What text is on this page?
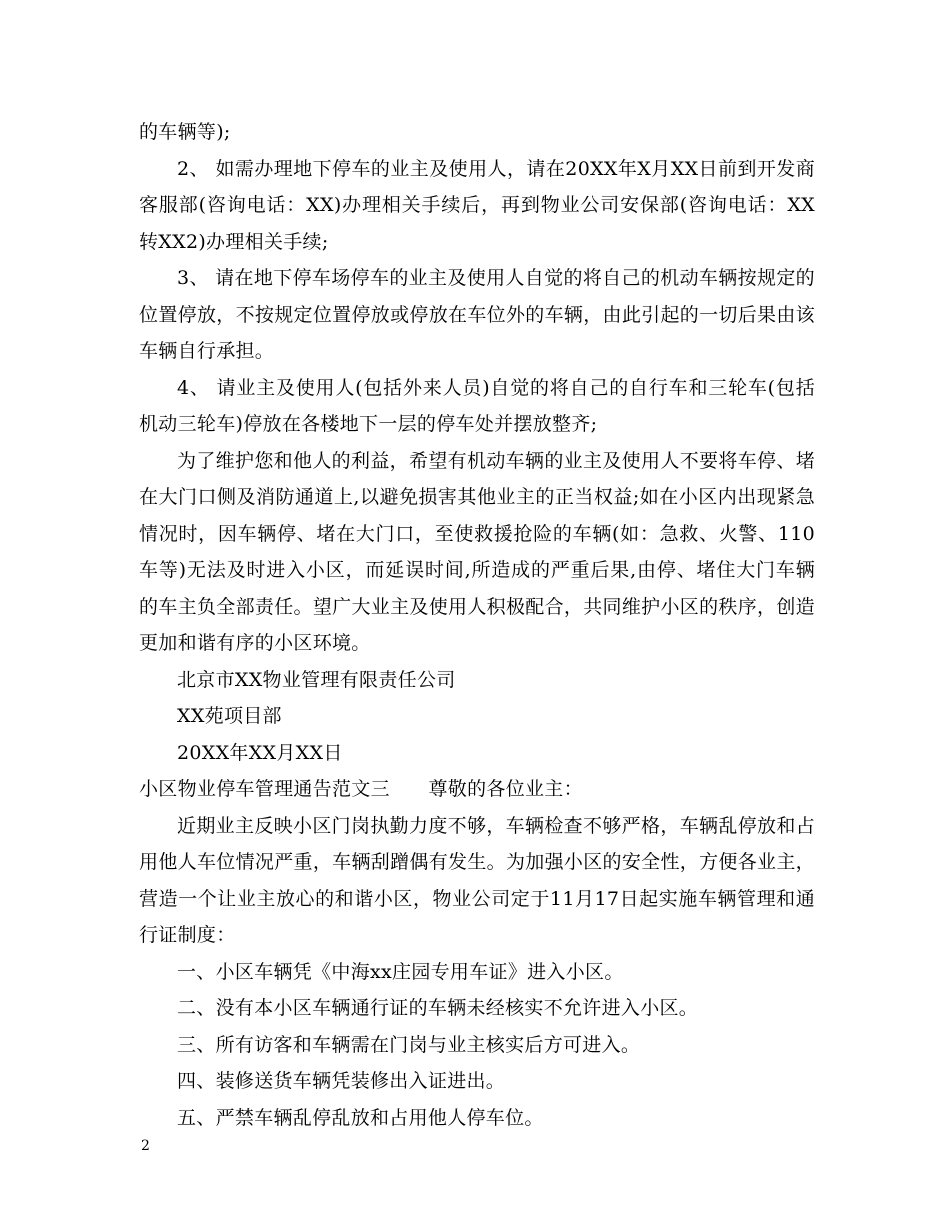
的车辆等);

2、 如需办理地下停车的业主及使用人，请在20XX年X月XX日前到开发商客服部(咨询电话：XX)办理相关手续后，再到物业公司安保部(咨询电话：XX转XX2)办理相关手续;

3、 请在地下停车场停车的业主及使用人自觉的将自己的机动车辆按规定的位置停放，不按规定位置停放或停放在车位外的车辆，由此引起的一切后果由该车辆自行承担。

4、 请业主及使用人(包括外来人员)自觉的将自己的自行车和三轮车(包括机动三轮车)停放在各楼地下一层的停车处并摆放整齐;

为了维护您和他人的利益，希望有机动车辆的业主及使用人不要将车停、堵在大门口侧及消防通道上,以避免损害其他业主的正当权益;如在小区内出现紧急情况时，因车辆停、堵在大门口，至使救援抢险的车辆(如：急救、火警、110车等)无法及时进入小区，而延误时间,所造成的严重后果,由停、堵住大门车辆的车主负全部责任。望广大业主及使用人积极配合，共同维护小区的秩序，创造更加和谐有序的小区环境。

北京市XX物业管理有限责任公司

XX苑项目部

20XX年XX月XX日

小区物业停车管理通告范文三　　尊敬的各位业主：

近期业主反映小区门岗执勤力度不够，车辆检查不够严格，车辆乱停放和占用他人车位情况严重，车辆刮蹭偶有发生。为加强小区的安全性，方便各业主，营造一个让业主放心的和谐小区，物业公司定于11月17日起实施车辆管理和通行证制度：

一、小区车辆凭《中海xx庄园专用车证》进入小区。

二、没有本小区车辆通行证的车辆未经核实不允许进入小区。

三、所有访客和车辆需在门岗与业主核实后方可进入。

四、装修送货车辆凭装修出入证进出。

五、严禁车辆乱停乱放和占用他人停车位。

2
